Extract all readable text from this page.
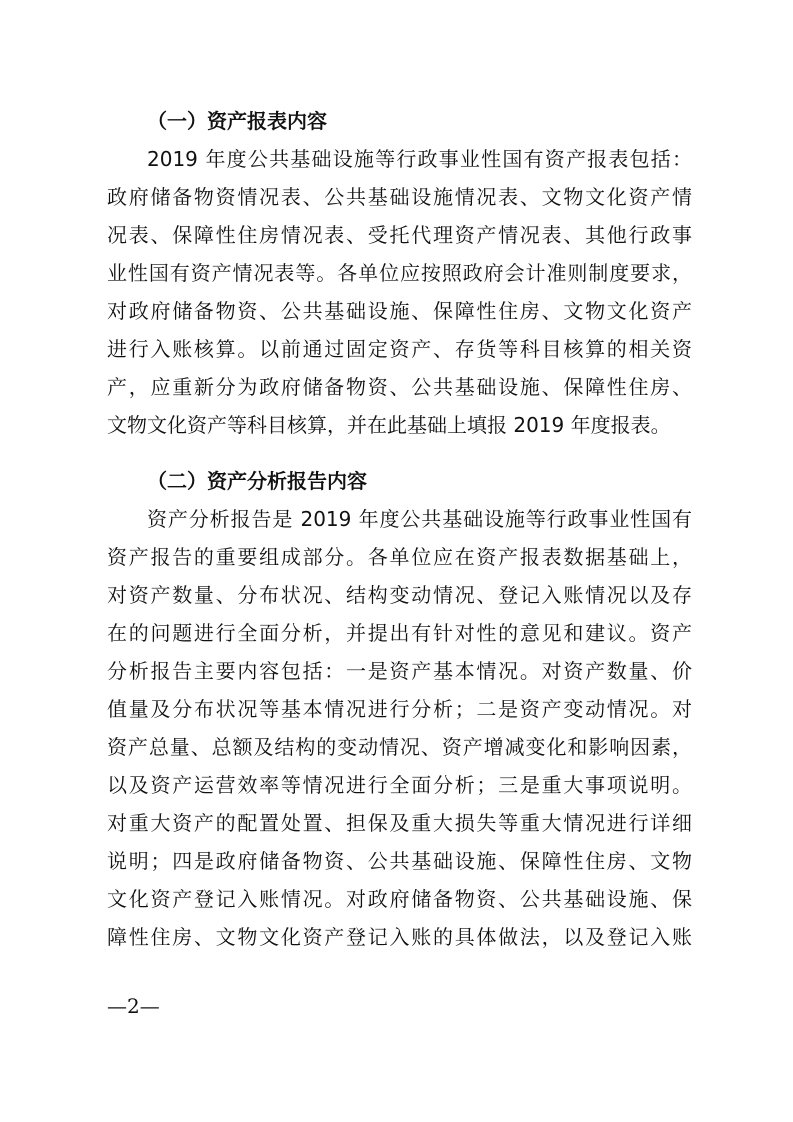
（一）资产报表内容
2019 年度公共基础设施等行政事业性国有资产报表包括：
政府储备物资情况表、公共基础设施情况表、文物文化资产情
况表、保障性住房情况表、受托代理资产情况表、其他行政事
业性国有资产情况表等。各单位应按照政府会计准则制度要求，
对政府储备物资、公共基础设施、保障性住房、文物文化资产
进行入账核算。以前通过固定资产、存货等科目核算的相关资
产，应重新分为政府储备物资、公共基础设施、保障性住房、
文物文化资产等科目核算，并在此基础上填报 2019 年度报表。
（二）资产分析报告内容
资产分析报告是 2019 年度公共基础设施等行政事业性国有
资产报告的重要组成部分。各单位应在资产报表数据基础上，
对资产数量、分布状况、结构变动情况、登记入账情况以及存
在的问题进行全面分析，并提出有针对性的意见和建议。资产
分析报告主要内容包括：一是资产基本情况。对资产数量、价
值量及分布状况等基本情况进行分析；二是资产变动情况。对
资产总量、总额及结构的变动情况、资产增减变化和影响因素，
以及资产运营效率等情况进行全面分析；三是重大事项说明。
对重大资产的配置处置、担保及重大损失等重大情况进行详细
说明；四是政府储备物资、公共基础设施、保障性住房、文物
文化资产登记入账情况。对政府储备物资、公共基础设施、保
障性住房、文物文化资产登记入账的具体做法，以及登记入账
—2—
